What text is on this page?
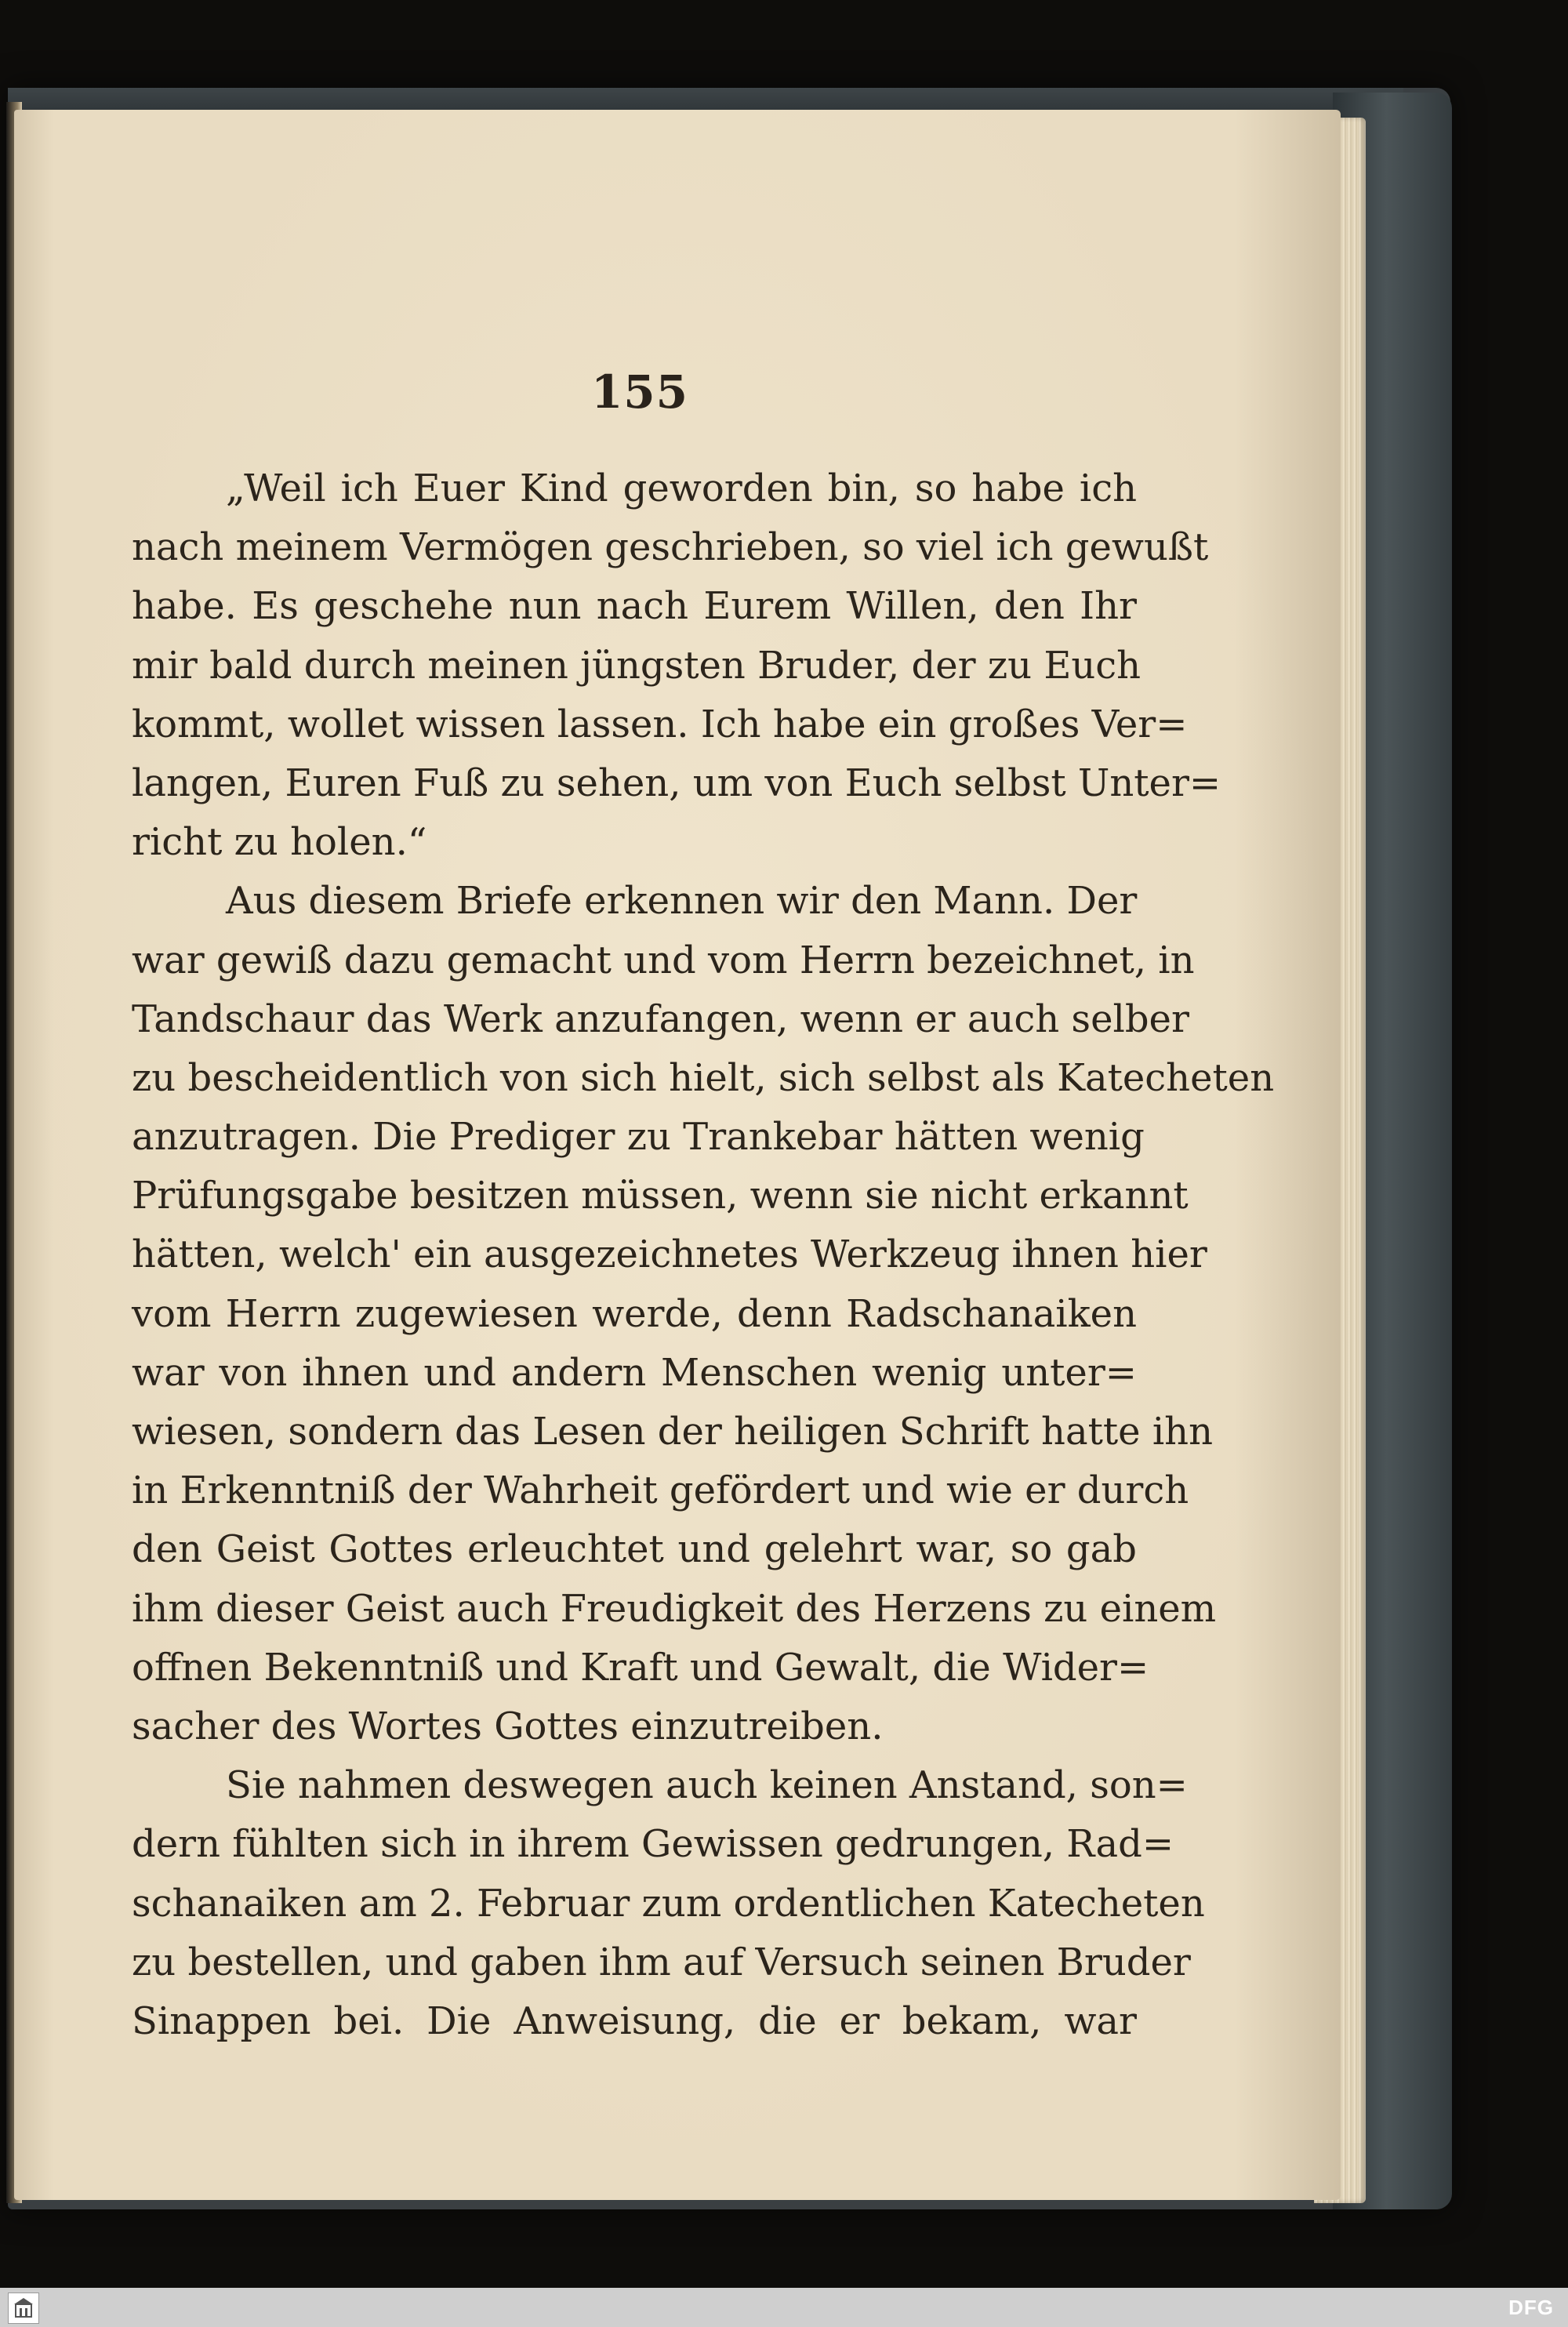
155
„Weil ich Euer Kind geworden bin, so habe ich
nach meinem Vermögen geschrieben, so viel ich gewußt
habe. Es geschehe nun nach Eurem Willen, den Ihr
mir bald durch meinen jüngsten Bruder, der zu Euch
kommt, wollet wissen lassen. Ich habe ein großes Ver=
langen, Euren Fuß zu sehen, um von Euch selbst Unter=
richt zu holen.“
Aus diesem Briefe erkennen wir den Mann. Der
war gewiß dazu gemacht und vom Herrn bezeichnet, in
Tandschaur das Werk anzufangen, wenn er auch selber
zu bescheidentlich von sich hielt, sich selbst als Katecheten
anzutragen. Die Prediger zu Trankebar hätten wenig
Prüfungsgabe besitzen müssen, wenn sie nicht erkannt
hätten, welch' ein ausgezeichnetes Werkzeug ihnen hier
vom Herrn zugewiesen werde, denn Radschanaiken
war von ihnen und andern Menschen wenig unter=
wiesen, sondern das Lesen der heiligen Schrift hatte ihn
in Erkenntniß der Wahrheit gefördert und wie er durch
den Geist Gottes erleuchtet und gelehrt war, so gab
ihm dieser Geist auch Freudigkeit des Herzens zu einem
offnen Bekenntniß und Kraft und Gewalt, die Wider=
sacher des Wortes Gottes einzutreiben.
Sie nahmen deswegen auch keinen Anstand, son=
dern fühlten sich in ihrem Gewissen gedrungen, Rad=
schanaiken am 2. Februar zum ordentlichen Katecheten
zu bestellen, und gaben ihm auf Versuch seinen Bruder
Sinappen bei. Die Anweisung, die er bekam, war
DFG
